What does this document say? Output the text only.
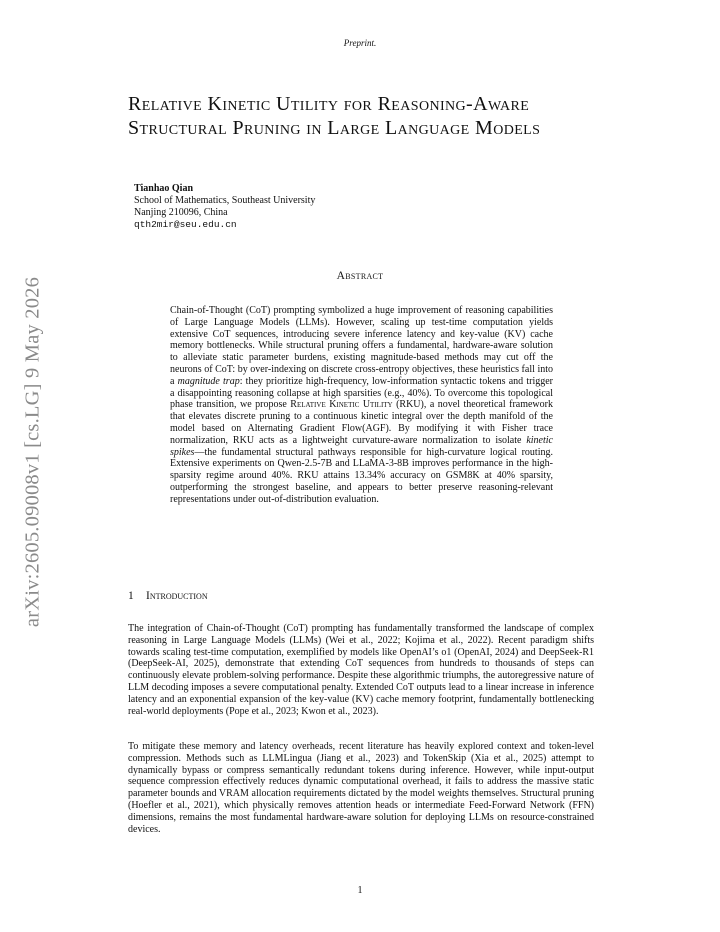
Preprint.
arXiv:2605.09008v1 [cs.LG] 9 May 2026
Relative Kinetic Utility for Reasoning-Aware Structural Pruning in Large Language Models
Tianhao Qian
School of Mathematics, Southeast University
Nanjing 210096, China
qth2mir@seu.edu.cn
Abstract
Chain-of-Thought (CoT) prompting symbolized a huge improvement of reasoning capabilities of Large Language Models (LLMs). However, scaling up test-time computation yields extensive CoT sequences, introducing severe inference latency and key-value (KV) cache memory bottlenecks. While structural pruning offers a fundamental, hardware-aware solution to alleviate static parameter burdens, existing magnitude-based methods may cut off the neurons of CoT: by over-indexing on discrete cross-entropy objectives, these heuristics fall into a magnitude trap: they prioritize high-frequency, low-information syntactic tokens and trigger a disappointing reasoning collapse at high sparsities (e.g., 40%). To overcome this topological phase transition, we propose Relative Kinetic Utility (RKU), a novel theoretical framework that elevates discrete pruning to a continuous kinetic integral over the depth manifold of the model based on Alternating Gradient Flow(AGF). By modifying it with Fisher trace normalization, RKU acts as a lightweight curvature-aware normalization to isolate kinetic spikes—the fundamental structural pathways responsible for high-curvature logical routing. Extensive experiments on Qwen-2.5-7B and LLaMA-3-8B improves performance in the high-sparsity regime around 40%. RKU attains 13.34% accuracy on GSM8K at 40% sparsity, outperforming the strongest baseline, and appears to better preserve reasoning-relevant representations under out-of-distribution evaluation.
1 Introduction
The integration of Chain-of-Thought (CoT) prompting has fundamentally transformed the landscape of complex reasoning in Large Language Models (LLMs) (Wei et al., 2022; Kojima et al., 2022). Recent paradigm shifts towards scaling test-time computation, exemplified by models like OpenAI’s o1 (OpenAI, 2024) and DeepSeek-R1 (DeepSeek-AI, 2025), demonstrate that extending CoT sequences from hundreds to thousands of steps can continuously elevate problem-solving performance. Despite these algorithmic triumphs, the autoregressive nature of LLM decoding imposes a severe computational penalty. Extended CoT outputs lead to a linear increase in inference latency and an exponential expansion of the key-value (KV) cache memory footprint, fundamentally bottlenecking real-world deployments (Pope et al., 2023; Kwon et al., 2023).
To mitigate these memory and latency overheads, recent literature has heavily explored context and token-level compression. Methods such as LLMLingua (Jiang et al., 2023) and TokenSkip (Xia et al., 2025) attempt to dynamically bypass or compress semantically redundant tokens during inference. However, while input-output sequence compression effectively reduces dynamic computational overhead, it fails to address the massive static parameter bounds and VRAM allocation requirements dictated by the model weights themselves. Structural pruning (Hoefler et al., 2021), which physically removes attention heads or intermediate Feed-Forward Network (FFN) dimensions, remains the most fundamental hardware-aware solution for deploying LLMs on resource-constrained devices.
1
